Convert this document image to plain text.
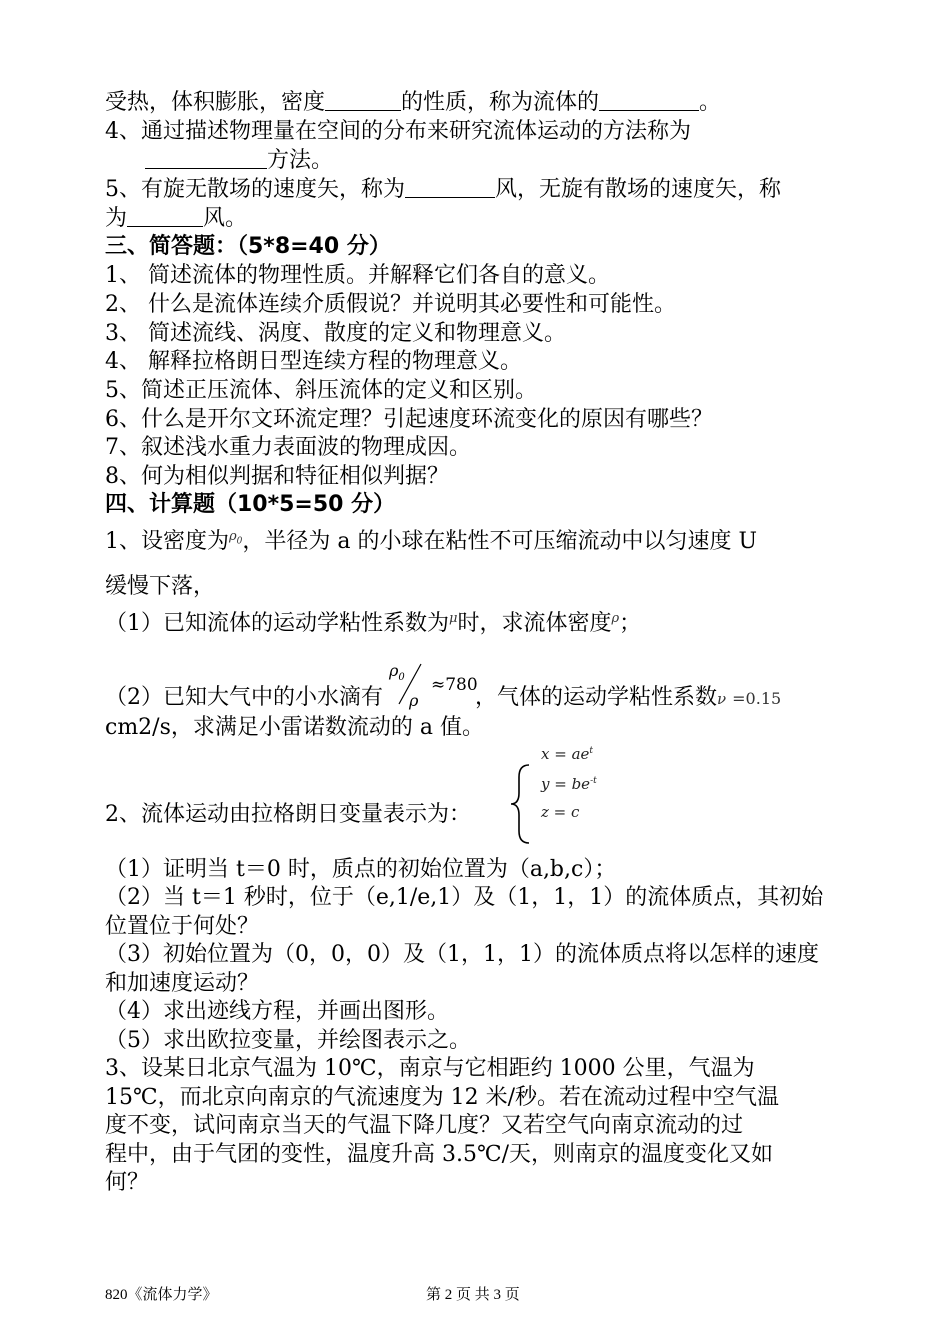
受热，体积膨胀，密度	的性质，称为流体的	。
4、通过描述物理量在空间的分布来研究流体运动的方法称为
方法。
5、有旋无散场的速度矢，称为	风，无旋有散场的速度矢，称
为	风。
三、简答题：（5*8=40 分）
1、 简述流体的物理性质。并解释它们各自的意义。
2、 什么是流体连续介质假说？并说明其必要性和可能性。
3、 简述流线、涡度、散度的定义和物理意义。
4、 解释拉格朗日型连续方程的物理意义。
5、简述正压流体、斜压流体的定义和区别。
6、什么是开尔文环流定理？引起速度环流变化的原因有哪些？
7、叙述浅水重力表面波的物理成因。
8、何为相似判据和特征相似判据？
四、计算题（10*5=50 分）
1、设密度为$^{\rho_0}$，半径为 a 的小球在粘性不可压缩流动中以匀速度 U
缓慢下落，
（1）已知流体的运动学粘性系数为$^\mu$时，求流体密度$^\rho$；
（2）已知大气中的小水滴有
$\rho_0$
ρ
≈780
，气体的运动学粘性系数ν =0.15
cm2/s，求满足小雷诺数流动的 a 值。
2、流体运动由拉格朗日变量表示为：
$x = ae^t$
$y = be^{-t}$
z = c
（1）证明当 t＝0 时，质点的初始位置为（a,b,c）；
（2）当 t＝1 秒时，位于（e,1/e,1）及（1，1，1）的流体质点，其初始
位置位于何处？
（3）初始位置为（0，0，0）及（1，1，1）的流体质点将以怎样的速度
和加速度运动？
（4）求出迹线方程，并画出图形。
（5）求出欧拉变量，并绘图表示之。
3、设某日北京气温为 10℃，南京与它相距约 1000 公里，气温为
15℃，而北京向南京的气流速度为 12 米/秒。若在流动过程中空气温
度不变，试问南京当天的气温下降几度？又若空气向南京流动的过
程中，由于气团的变性，温度升高 3.5℃/天，则南京的温度变化又如
何？
820《流体力学》	第 2 页 共 3 页
